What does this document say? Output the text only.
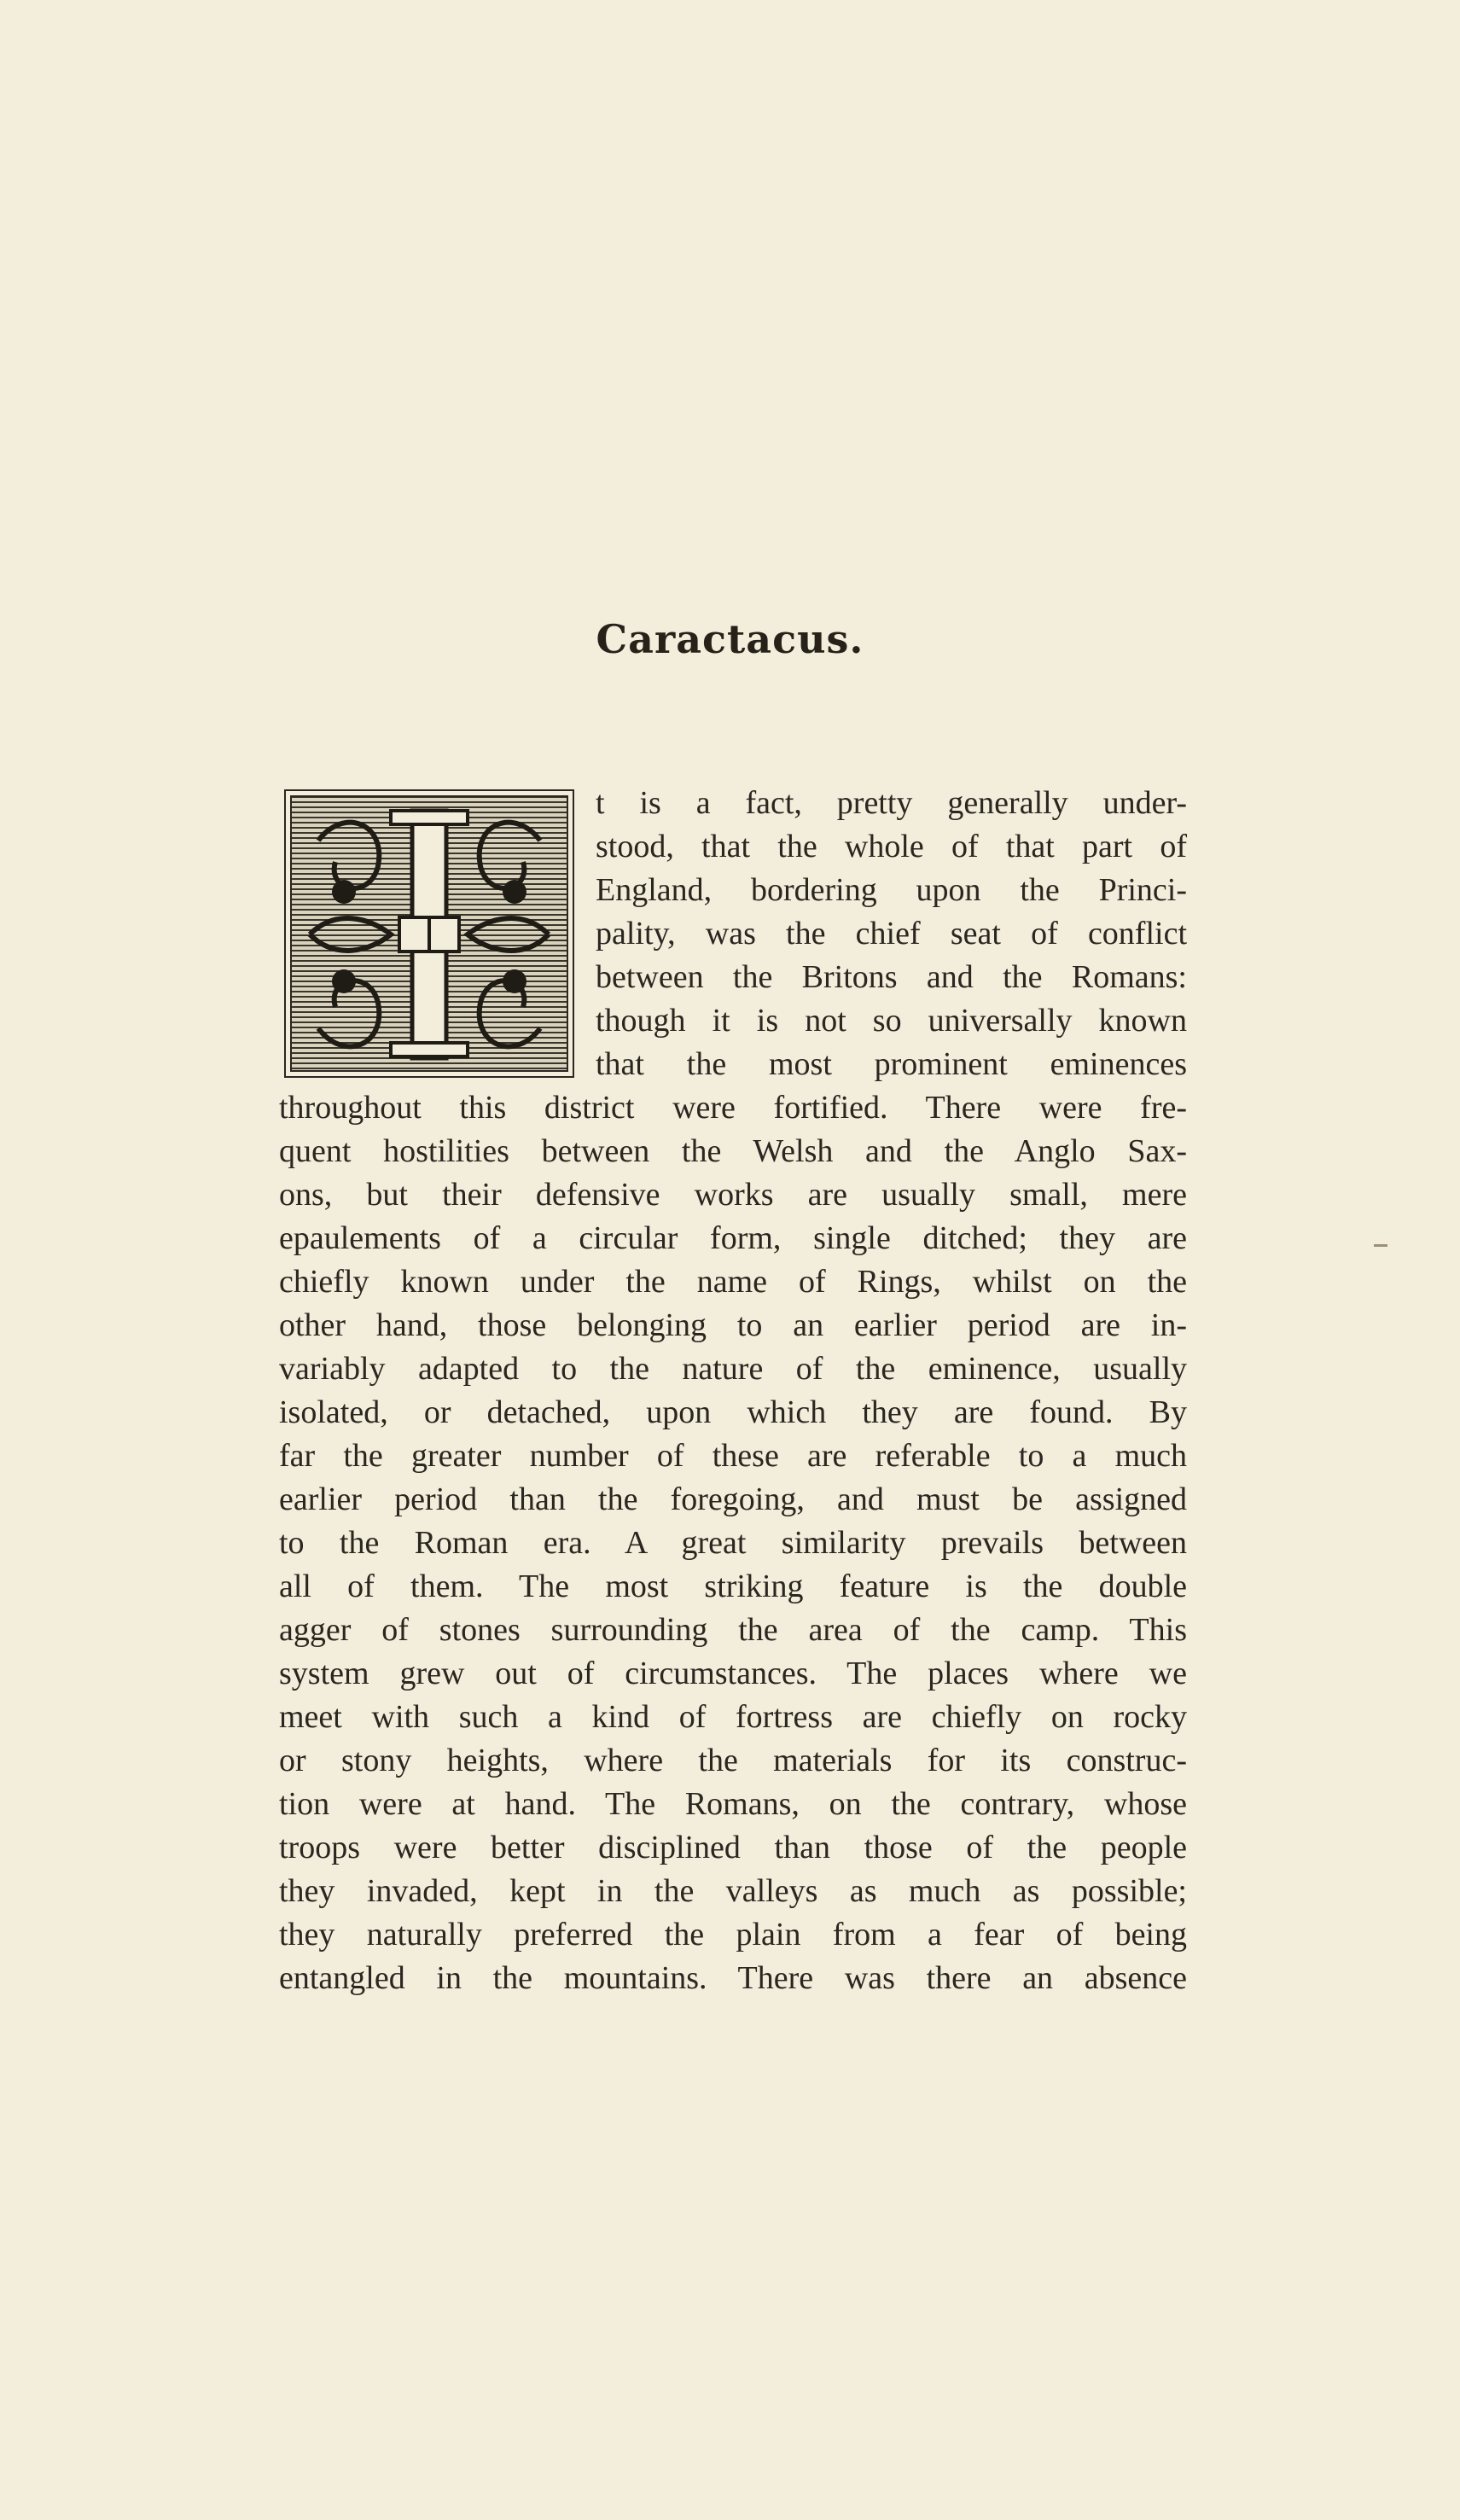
Caractacus.
t is a fact, pretty generally under-
stood, that the whole of that part of
England, bordering upon the Princi-
pality, was the chief seat of conflict
between the Britons and the Romans:
though it is not so universally known
that the most prominent eminences
throughout this district were fortified. There were fre-
quent hostilities between the Welsh and the Anglo Sax-
ons, but their defensive works are usually small, mere
epaulements of a circular form, single ditched; they are
chiefly known under the name of Rings, whilst on the
other hand, those belonging to an earlier period are in-
variably adapted to the nature of the eminence, usually
isolated, or detached, upon which they are found. By
far the greater number of these are referable to a much
earlier period than the foregoing, and must be assigned
to the Roman era. A great similarity prevails between
all of them. The most striking feature is the double
agger of stones surrounding the area of the camp. This
system grew out of circumstances. The places where we
meet with such a kind of fortress are chiefly on rocky
or stony heights, where the materials for its construc-
tion were at hand. The Romans, on the contrary, whose
troops were better disciplined than those of the people
they invaded, kept in the valleys as much as possible;
they naturally preferred the plain from a fear of being
entangled in the mountains. There was there an absence
